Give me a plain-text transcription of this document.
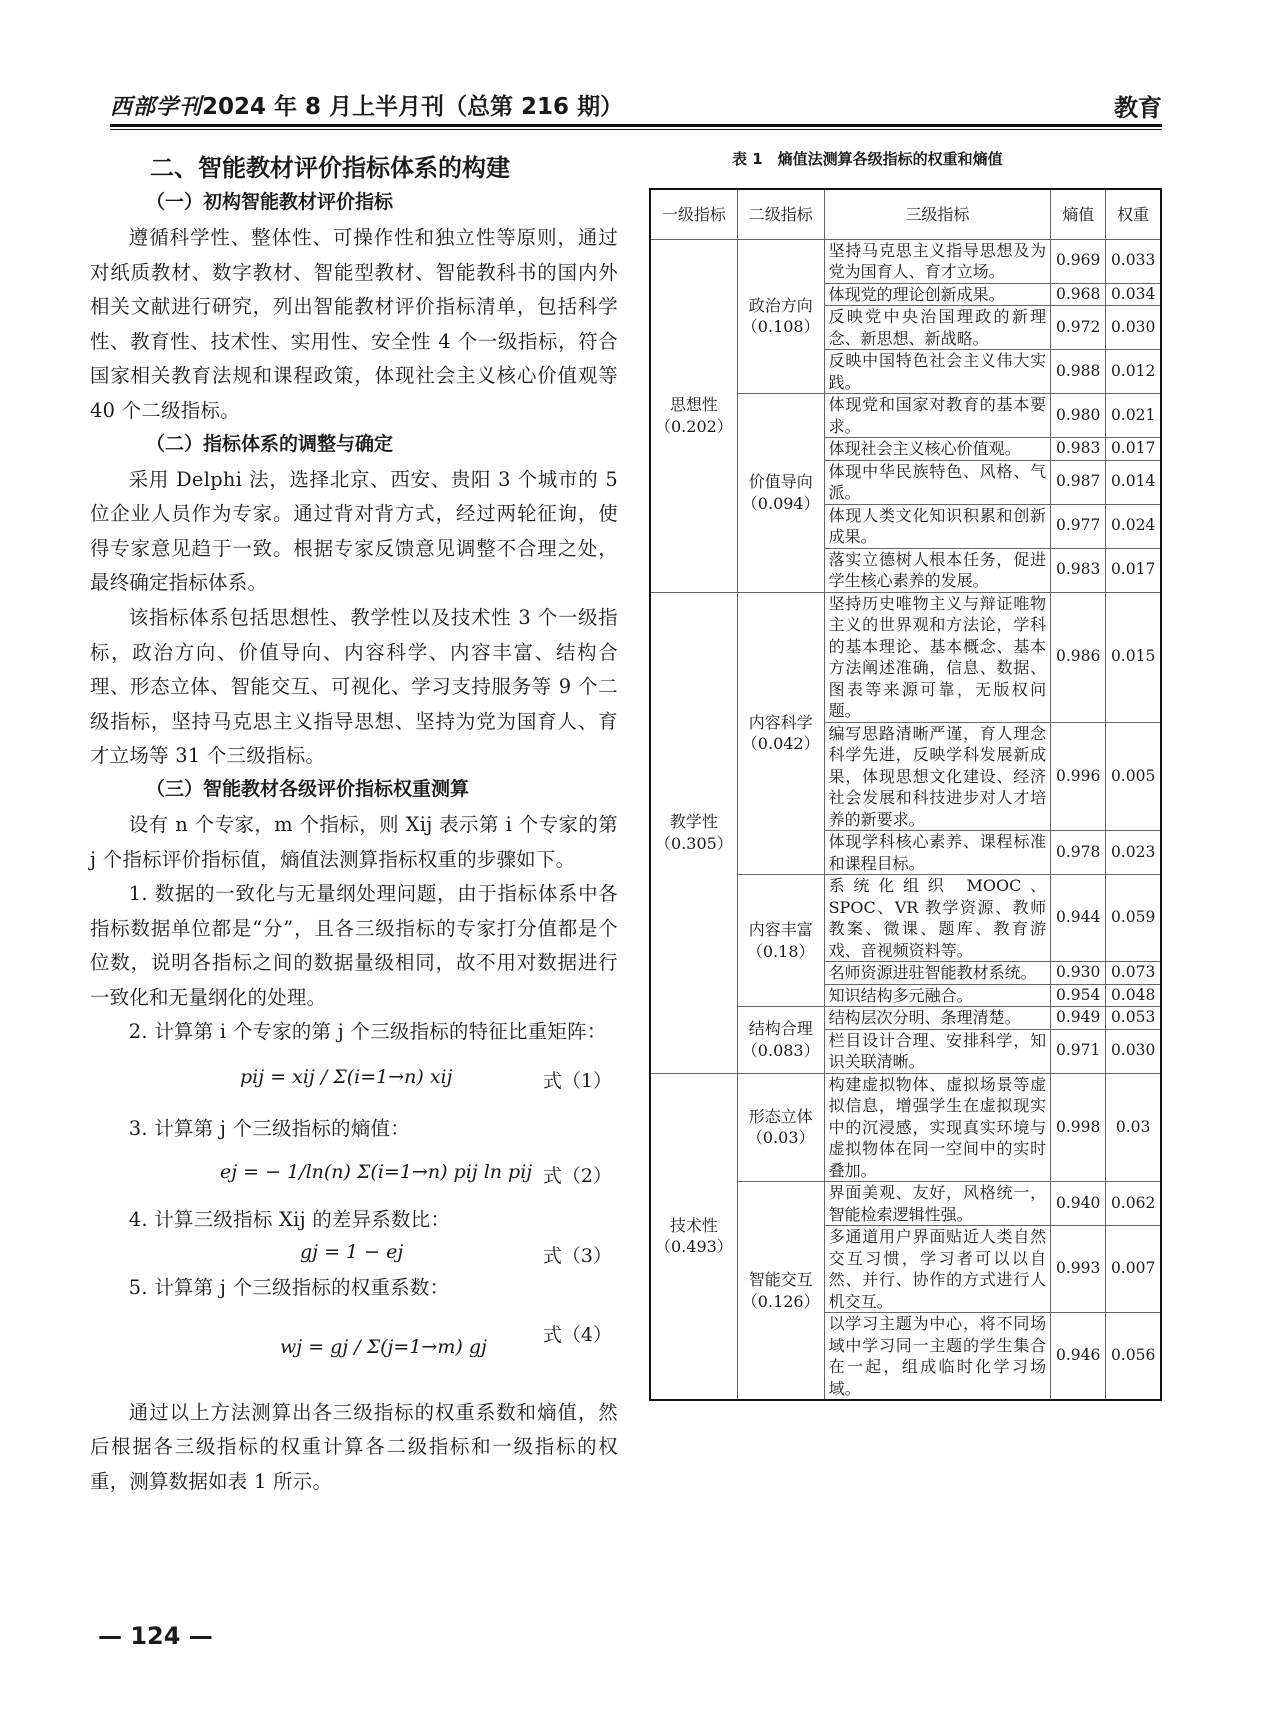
西部学刊 2024 年 8 月上半月刊（总第 216 期）	教育
二、智能教材评价指标体系的构建
（一）初构智能教材评价指标

遵循科学性、整体性、可操作性和独立性等原则，通过对纸质教材、数字教材、智能型教材、智能教科书的国内外相关文献进行研究，列出智能教材评价指标清单，包括科学性、教育性、技术性、实用性、安全性 4 个一级指标，符合国家相关教育法规和课程政策，体现社会主义核心价值观等 40 个二级指标。

（二）指标体系的调整与确定

采用 Delphi 法，选择北京、西安、贵阳 3 个城市的 5 位企业人员作为专家。通过背对背方式，经过两轮征询，使得专家意见趋于一致。根据专家反馈意见调整不合理之处，最终确定指标体系。

该指标体系包括思想性、教学性以及技术性 3 个一级指标，政治方向、价值导向、内容科学、内容丰富、结构合理、形态立体、智能交互、可视化、学习支持服务等 9 个二级指标，坚持马克思主义指导思想、坚持为党为国育人、育才立场等 31 个三级指标。

（三）智能教材各级评价指标权重测算

设有 n 个专家，m 个指标，则 Xij 表示第 i 个专家的第 j 个指标评价指标值，熵值法测算指标权重的步骤如下。

1. 数据的一致化与无量纲处理问题，由于指标体系中各指标数据单位都是“分”，且各三级指标的专家打分值都是个位数，说明各指标之间的数据量级相同，故不用对数据进行一致化和无量纲化的处理。

2. 计算第 i 个专家的第 j 个三级指标的特征比重矩阵：

pij = xij / Σ(i=1→n) xij	式（1）

3. 计算第 j 个三级指标的熵值：

ej = − 1/ln(n) Σ(i=1→n) pij ln pij 式（2）

4. 计算三级指标 Xij 的差异系数比：

gj = 1 − ej	式（3）

5. 计算第 j 个三级指标的权重系数：

wj = gj / Σ(j=1→m) gj
式（4）

通过以上方法测算出各三级指标的权重系数和熵值，然后根据各三级指标的权重计算各二级指标和一级指标的权重，测算数据如表 1 所示。

— 124 —
表 1　熵值法测算各级指标的权重和熵值
一级指标	二级指标	三级指标	熵值	权重
思想性（0.202）	政治方向（0.108）	坚持马克思主义指导思想及为党为国育人、育才立场。	0.969	0.033
		体现党的理论创新成果。	0.968	0.034
		反映党中央治国理政的新理念、新思想、新战略。	0.972	0.030
		反映中国特色社会主义伟大实践。	0.988	0.012
	价值导向（0.094）	体现党和国家对教育的基本要求。	0.980	0.021
		体现社会主义核心价值观。	0.983	0.017
		体现中华民族特色、风格、气派。	0.987	0.014
		体现人类文化知识积累和创新成果。	0.977	0.024
		落实立德树人根本任务，促进学生核心素养的发展。	0.983	0.017
教学性（0.305）	内容科学（0.042）	坚持历史唯物主义与辩证唯物主义的世界观和方法论，学科的基本理论、基本概念、基本方法阐述准确，信息、数据、图表等来源可靠，无版权问题。	0.986	0.015
		编写思路清晰严谨，育人理念科学先进，反映学科发展新成果，体现思想文化建设、经济社会发展和科技进步对人才培养的新要求。	0.996	0.005
		体现学科核心素养、课程标准和课程目标。	0.978	0.023
	内容丰富（0.18）	系统化组织 MOOC、SPOC、VR 教学资源、教师教案、微课、题库、教育游戏、音视频资料等。	0.944	0.059
		名师资源进驻智能教材系统。	0.930	0.073
		知识结构多元融合。	0.954	0.048
	结构合理（0.083）	结构层次分明、条理清楚。	0.949	0.053
		栏目设计合理、安排科学，知识关联清晰。	0.971	0.030
技术性（0.493）	形态立体（0.03）	构建虚拟物体、虚拟场景等虚拟信息，增强学生在虚拟现实中的沉浸感，实现真实环境与虚拟物体在同一空间中的实时叠加。	0.998	0.03
	智能交互（0.126）	界面美观、友好，风格统一，智能检索逻辑性强。	0.940	0.062
		多通道用户界面贴近人类自然交互习惯，学习者可以以自然、并行、协作的方式进行人机交互。	0.993	0.007
		以学习主题为中心，将不同场域中学习同一主题的学生集合在一起，组成临时化学习场域。	0.946	0.056
